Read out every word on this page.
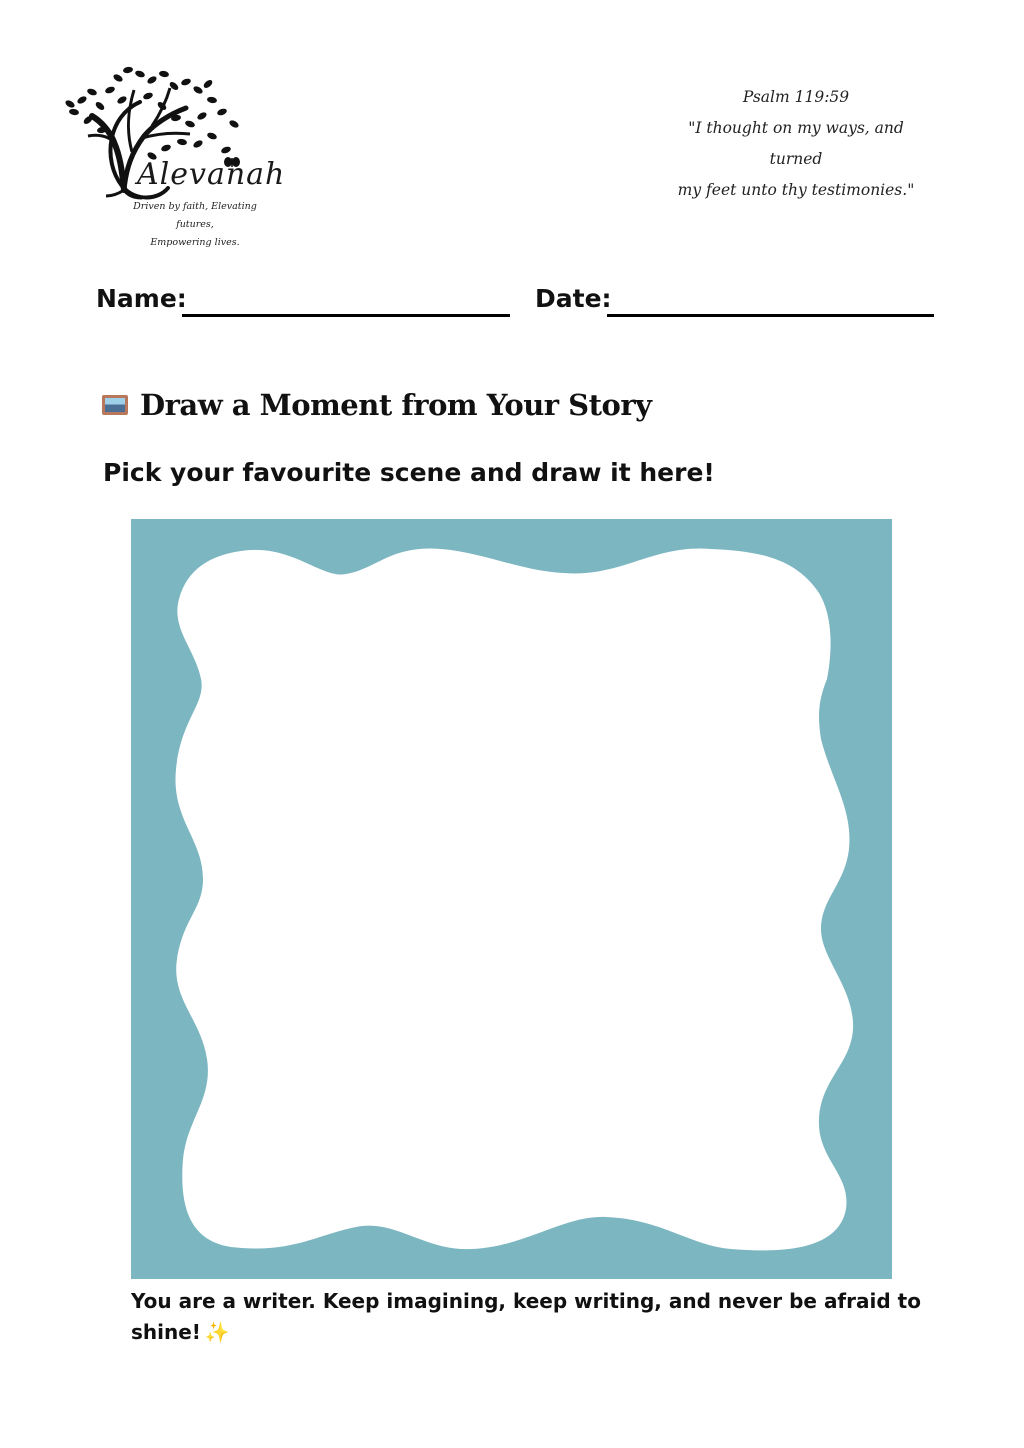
Alevanah
Driven by faith, Elevating futures,
Empowering lives.
Psalm 119:59
"I thought on my ways, and turned
my feet unto thy testimonies."
Name:	Date:
Draw a Moment from Your Story
Pick your favourite scene and draw it here!
You are a writer. Keep imagining, keep writing, and never be afraid to shine! ✨
